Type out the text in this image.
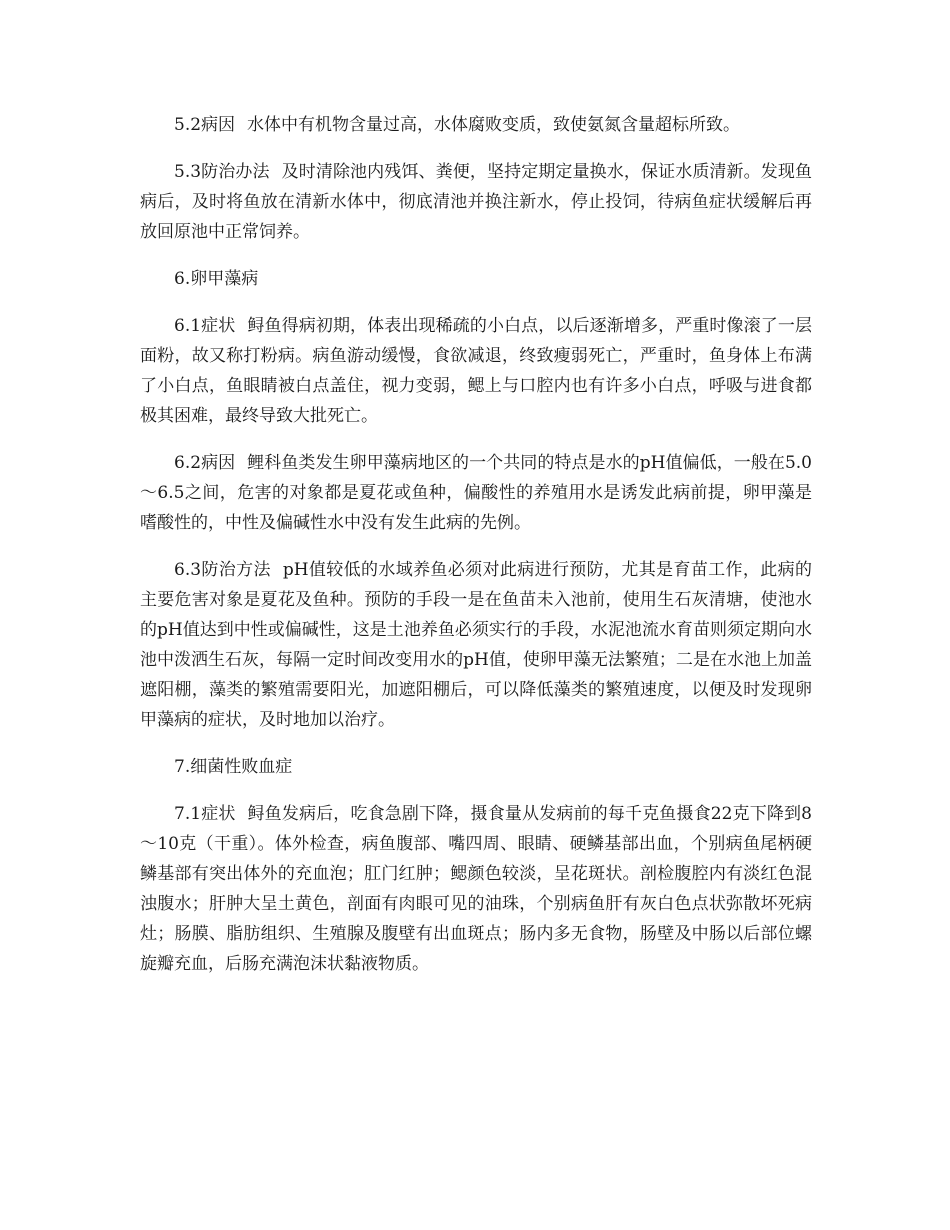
5.2病因 水体中有机物含量过高，水体腐败变质，致使氨氮含量超标所致。

5.3防治办法 及时清除池内残饵、粪便，坚持定期定量换水，保证水质清新。发现鱼病后，及时将鱼放在清新水体中，彻底清池并换注新水，停止投饲，待病鱼症状缓解后再放回原池中正常饲养。

6.卵甲藻病

6.1症状 鲟鱼得病初期，体表出现稀疏的小白点，以后逐渐增多，严重时像滚了一层面粉，故又称打粉病。病鱼游动缓慢，食欲减退，终致瘦弱死亡，严重时，鱼身体上布满了小白点，鱼眼睛被白点盖住，视力变弱，鳃上与口腔内也有许多小白点，呼吸与进食都极其困难，最终导致大批死亡。

6.2病因 鲤科鱼类发生卵甲藻病地区的一个共同的特点是水的pH值偏低，一般在5.0～6.5之间，危害的对象都是夏花或鱼种，偏酸性的养殖用水是诱发此病前提，卵甲藻是嗜酸性的，中性及偏碱性水中没有发生此病的先例。

6.3防治方法 pH值较低的水域养鱼必须对此病进行预防，尤其是育苗工作，此病的主要危害对象是夏花及鱼种。预防的手段一是在鱼苗未入池前，使用生石灰清塘，使池水的pH值达到中性或偏碱性，这是土池养鱼必须实行的手段，水泥池流水育苗则须定期向水池中泼洒生石灰，每隔一定时间改变用水的pH值，使卵甲藻无法繁殖；二是在水池上加盖遮阳棚，藻类的繁殖需要阳光，加遮阳棚后，可以降低藻类的繁殖速度，以便及时发现卵甲藻病的症状，及时地加以治疗。

7.细菌性败血症

7.1症状 鲟鱼发病后，吃食急剧下降，摄食量从发病前的每千克鱼摄食22克下降到8～10克（干重）。体外检查，病鱼腹部、嘴四周、眼睛、硬鳞基部出血，个别病鱼尾柄硬鳞基部有突出体外的充血泡；肛门红肿；鳃颜色较淡，呈花斑状。剖检腹腔内有淡红色混浊腹水；肝肿大呈土黄色，剖面有肉眼可见的油珠，个别病鱼肝有灰白色点状弥散坏死病灶；肠膜、脂肪组织、生殖腺及腹壁有出血斑点；肠内多无食物，肠壁及中肠以后部位螺旋瓣充血，后肠充满泡沫状黏液物质。
